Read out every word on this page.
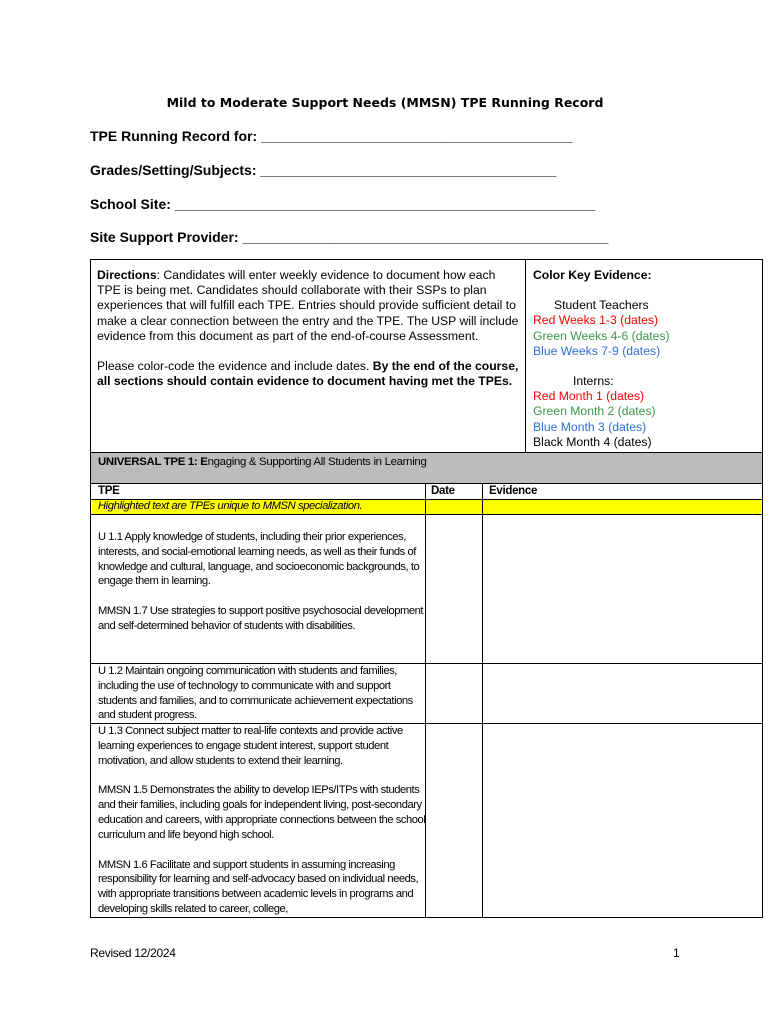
Mild to Moderate Support Needs (MMSN) TPE Running Record
TPE Running Record for: ________________________________________
Grades/Setting/Subjects: ______________________________________
School Site: ______________________________________________________
Site Support Provider: _______________________________________________

Directions: Candidates will enter weekly evidence to document how each TPE is being met. Candidates should collaborate with their SSPs to plan experiences that will fulfill each TPE. Entries should provide sufficient detail to make a clear connection between the entry and the TPE. The USP will include evidence from this document as part of the end-of-course Assessment.

Please color-code the evidence and include dates. By the end of the course, all sections should contain evidence to document having met the TPEs.

Color Key Evidence:
Student Teachers
Red Weeks 1-3 (dates)
Green Weeks 4-6 (dates)
Blue Weeks 7-9 (dates)
Interns:
Red Month 1 (dates)
Green Month 2 (dates)
Blue Month 3 (dates)
Black Month 4 (dates)
UNIVERSAL TPE 1: Engaging & Supporting All Students in Learning
TPE	Date	Evidence
Highlighted text are TPEs unique to MMSN specialization.

U 1.1 Apply knowledge of students, including their prior experiences, interests, and social-emotional learning needs, as well as their funds of knowledge and cultural, language, and socioeconomic backgrounds, to engage them in learning.

MMSN 1.7 Use strategies to support positive psychosocial development and self-determined behavior of students with disabilities.

U 1.2 Maintain ongoing communication with students and families, including the use of technology to communicate with and support students and families, and to communicate achievement expectations and student progress.

U 1.3 Connect subject matter to real-life contexts and provide active learning experiences to engage student interest, support student motivation, and allow students to extend their learning.

MMSN 1.5 Demonstrates the ability to develop IEPs/ITPs with students and their families, including goals for independent living, post-secondary education and careers, with appropriate connections between the school curriculum and life beyond high school.

MMSN 1.6 Facilitate and support students in assuming increasing responsibility for learning and self-advocacy based on individual needs, with appropriate transitions between academic levels in programs and developing skills related to career, college,

Revised 12/2024	1
